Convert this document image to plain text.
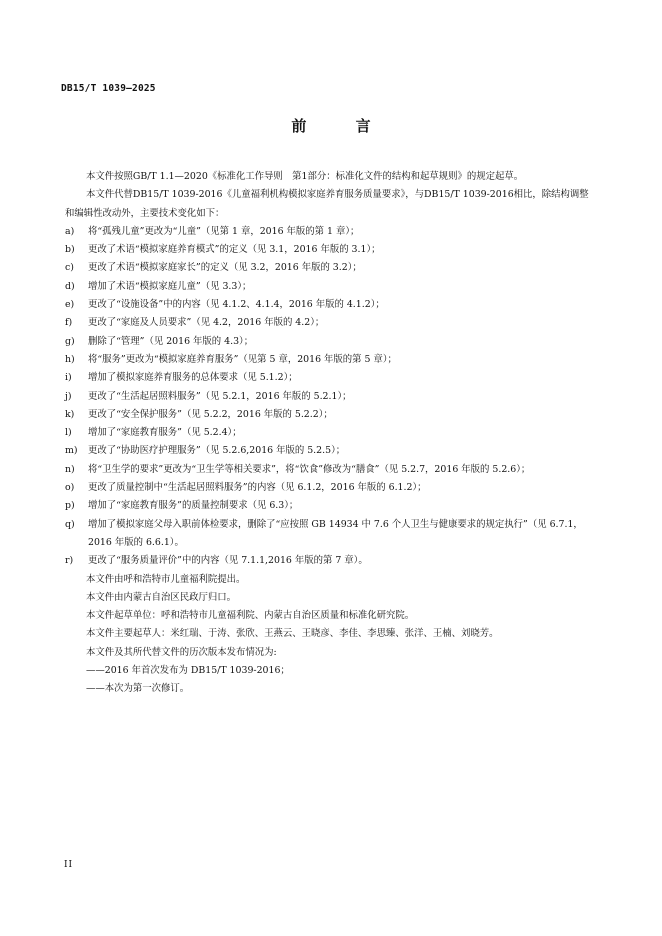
DB15/T 1039—2025
前 言

本文件按照GB/T 1.1—2020《标准化工作导则　第1部分：标准化文件的结构和起草规则》的规定起草。

本文件代替DB15/T 1039-2016《儿童福利机构模拟家庭养育服务质量要求》，与DB15/T 1039-2016相比，除结构调整和编辑性改动外，主要技术变化如下：

a)	将“孤残儿童”更改为“儿童”（见第 1 章，2016 年版的第 1 章）；
b)	更改了术语“模拟家庭养育模式”的定义（见 3.1，2016 年版的 3.1）；
c)	更改了术语“模拟家庭家长”的定义（见 3.2，2016 年版的 3.2）；
d)	增加了术语“模拟家庭儿童”（见 3.3）；
e)	更改了“设施设备”中的内容（见 4.1.2、4.1.4，2016 年版的 4.1.2）；
f)	更改了“家庭及人员要求”（见 4.2，2016 年版的 4.2）；
g)	删除了“管理”（见 2016 年版的 4.3）；
h)	将“服务”更改为“模拟家庭养育服务”（见第 5 章，2016 年版的第 5 章）；
i)	增加了模拟家庭养育服务的总体要求（见 5.1.2）；
j)	更改了“生活起居照料服务”（见 5.2.1，2016 年版的 5.2.1）；
k)	更改了“安全保护服务”（见 5.2.2，2016 年版的 5.2.2）；
l)	增加了“家庭教育服务”（见 5.2.4）；
m)	更改了“协助医疗护理服务”（见 5.2.6,2016 年版的 5.2.5）；
n)	将“卫生学的要求”更改为“卫生学等相关要求”，将“饮食”修改为“膳食”（见 5.2.7，2016 年版的 5.2.6）；
o)	更改了质量控制中“生活起居照料服务”的内容（见 6.1.2，2016 年版的 6.1.2）；
p)	增加了“家庭教育服务”的质量控制要求（见 6.3）；
q)	增加了模拟家庭父母入职前体检要求，删除了“应按照 GB 14934 中 7.6 个人卫生与健康要求的规定执行”（见 6.7.1，2016 年版的 6.6.1）。
r)	更改了“服务质量评价”中的内容（见 7.1.1,2016 年版的第 7 章）。

本文件由呼和浩特市儿童福利院提出。

本文件由内蒙古自治区民政厅归口。

本文件起草单位：呼和浩特市儿童福利院、内蒙古自治区质量和标准化研究院。

本文件主要起草人：米红瑞、于涛、张欣、王燕云、王晓彦、李佳、李思臻、张洋、王楠、刘晓芳。

本文件及其所代替文件的历次版本发布情况为:

——2016 年首次发布为 DB15/T 1039-2016；

——本次为第一次修订。

II
